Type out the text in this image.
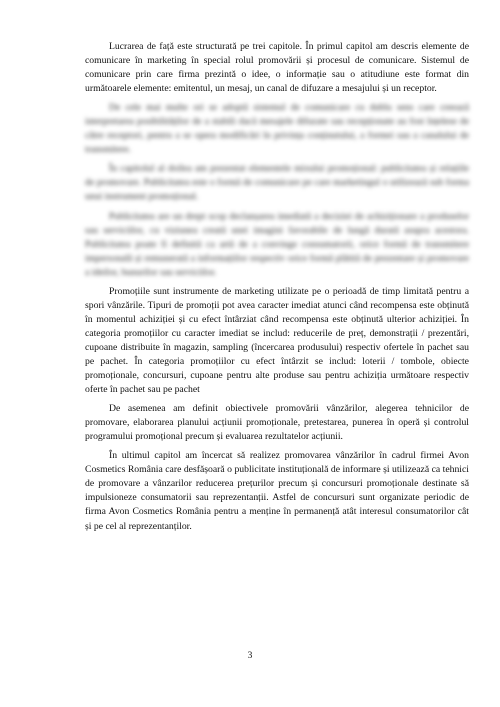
Lucrarea de față este structurată pe trei capitole. În primul capitol am descris elemente de comunicare în marketing în special rolul promovării și procesul de comunicare. Sistemul de comunicare prin care firma prezintă o idee, o informație sau o atitudiune este format din următoarele elemente: emitentul, un mesaj, un canal de difuzare a mesajului și un receptor.

De cele mai multe ori se adoptă sistemul de comunicare cu dublu sens care creează interpretarea posibilităților de a stabili dacă mesajele difuzate sau recepționate au fost înțelese de către receptori, pentru a se opera modificări în privința conținutului, a formei sau a canalului de transmitere.

În capitolul al doilea am prezentat elementele mixului promoțional: publicitatea și relațiile de promovare. Publicitatea este o formă de comunicare pe care marketingul o utilizează sub forma unui instrument promoțional.

Publicitatea are un drept scop declanșarea imediată a deciziei de achiziționare a produselor sau serviciilor, cu viziunea creată unei imagini favorabile de lungă durată asupra acestora. Publicitatea poate fi definită ca artă de a convinge consumatorii, orice formă de transmitere impersonală și remunerată a informațiilor respectiv orice formă plătită de prezentare și promovare a ideilor, bunurilor sau serviciilor.

Promoțiile sunt instrumente de marketing utilizate pe o perioadă de timp limitată pentru a spori vânzările. Tipuri de promoții pot avea caracter imediat atunci când recompensa este obținută în momentul achiziției și cu efect întârziat când recompensa este obținută ulterior achiziției. În categoria promoțiilor cu caracter imediat se includ: reducerile de preț, demonstrații / prezentări, cupoane distribuite în magazin, sampling (încercarea produsului) respectiv ofertele în pachet sau pe pachet. În categoria promoțiilor cu efect întârzit se includ: loterii / tombole, obiecte promoționale, concursuri, cupoane pentru alte produse sau pentru achiziția următoare respectiv oferte în pachet sau pe pachet

De asemenea am definit obiectivele promovării vânzărilor, alegerea tehnicilor de promovare, elaborarea planului acțiunii promoționale, pretestarea, punerea în operă și controlul programului promoțional precum și evaluarea rezultatelor acțiunii.

În ultimul capitol am încercat să realizez promovarea vânzărilor în cadrul firmei Avon Cosmetics România care desfășoară o publicitate instituțională de informare și utilizează ca tehnici de promovare a vânzarilor reducerea prețurilor precum și concursuri promoționale destinate să impulsioneze consumatorii sau reprezentanții. Astfel de concursuri sunt organizate periodic de firma Avon Cosmetics România pentru a menține în permanență atât interesul consumatorilor cât și pe cel al reprezentanților.

3
